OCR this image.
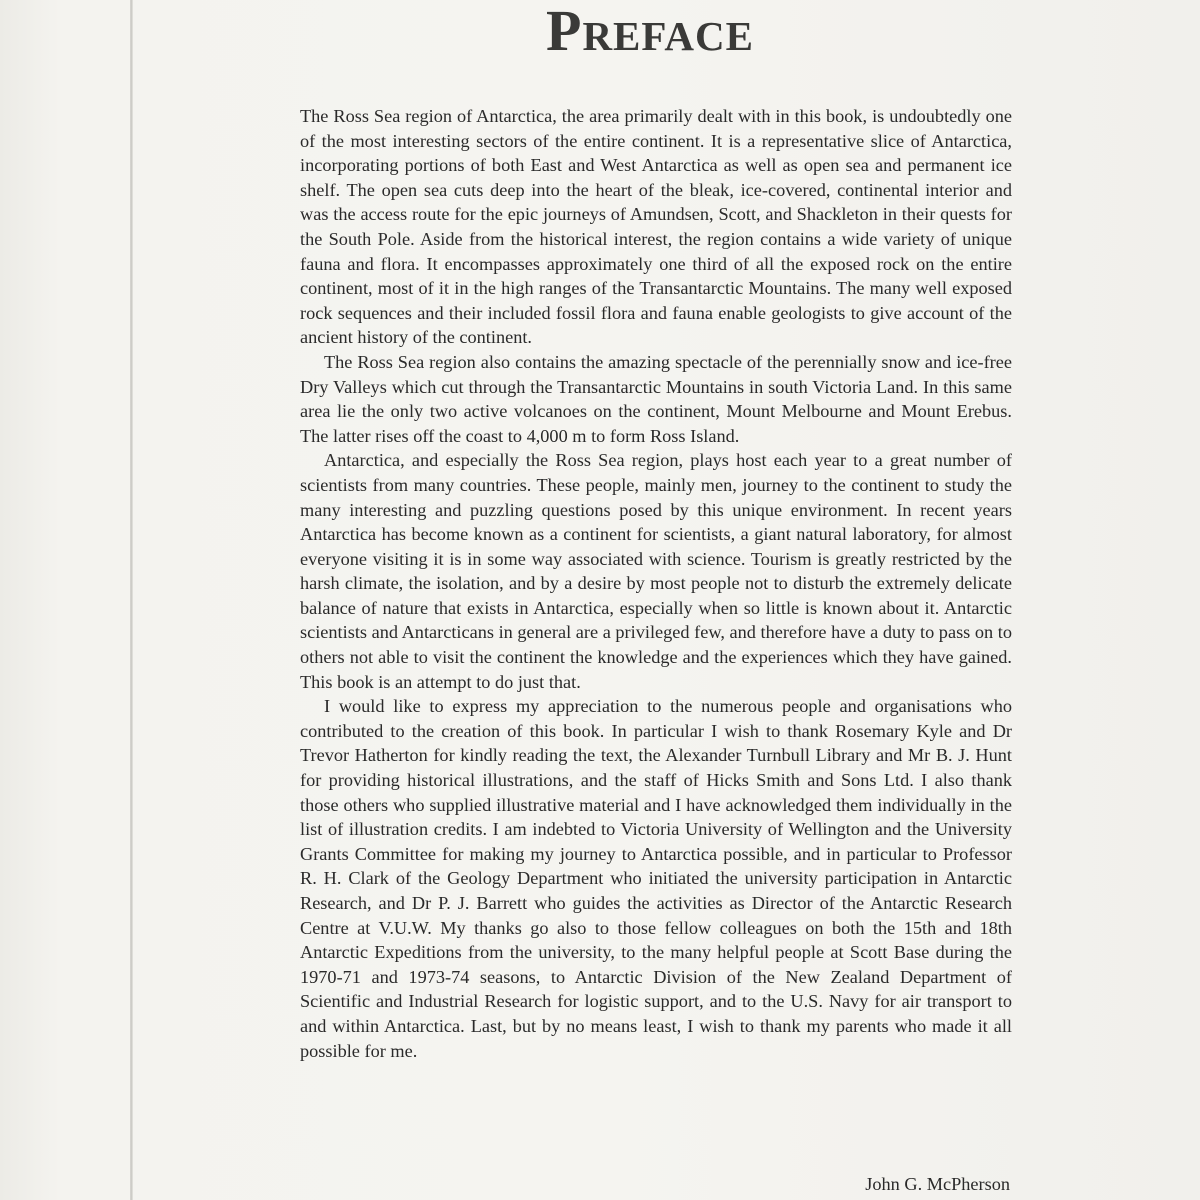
Preface

The Ross Sea region of Antarctica, the area primarily dealt with in this book, is undoubtedly one of the most interesting sectors of the entire continent. It is a representative slice of Antarctica, incorporating portions of both East and West Antarctica as well as open sea and permanent ice shelf. The open sea cuts deep into the heart of the bleak, ice-covered, continental interior and was the access route for the epic journeys of Amundsen, Scott, and Shackleton in their quests for the South Pole. Aside from the historical interest, the region contains a wide variety of unique fauna and flora. It encompasses approximately one third of all the exposed rock on the entire continent, most of it in the high ranges of the Transantarctic Mountains. The many well exposed rock sequences and their included fossil flora and fauna enable geologists to give account of the ancient history of the continent.

The Ross Sea region also contains the amazing spectacle of the perennially snow and ice-free Dry Valleys which cut through the Transantarctic Mountains in south Victoria Land. In this same area lie the only two active volcanoes on the continent, Mount Melbourne and Mount Erebus. The latter rises off the coast to 4,000 m to form Ross Island.

Antarctica, and especially the Ross Sea region, plays host each year to a great number of scientists from many countries. These people, mainly men, journey to the continent to study the many interesting and puzzling questions posed by this unique environment. In recent years Antarctica has become known as a continent for scientists, a giant natural laboratory, for almost everyone visiting it is in some way associated with science. Tourism is greatly restricted by the harsh climate, the isolation, and by a desire by most people not to disturb the extremely delicate balance of nature that exists in Antarctica, especially when so little is known about it. Antarctic scientists and Antarcticans in general are a privileged few, and therefore have a duty to pass on to others not able to visit the continent the knowledge and the experiences which they have gained. This book is an attempt to do just that.

I would like to express my appreciation to the numerous people and organisations who contributed to the creation of this book. In particular I wish to thank Rosemary Kyle and Dr Trevor Hatherton for kindly reading the text, the Alexander Turnbull Library and Mr B. J. Hunt for providing historical illustrations, and the staff of Hicks Smith and Sons Ltd. I also thank those others who supplied illustrative material and I have acknowledged them individually in the list of illustration credits. I am indebted to Victoria University of Wellington and the University Grants Committee for making my journey to Antarctica possible, and in particular to Professor R. H. Clark of the Geology Department who initiated the university participation in Antarctic Research, and Dr P. J. Barrett who guides the activities as Director of the Antarctic Research Centre at V.U.W. My thanks go also to those fellow colleagues on both the 15th and 18th Antarctic Expeditions from the university, to the many helpful people at Scott Base during the 1970-71 and 1973-74 seasons, to Antarctic Division of the New Zealand Department of Scientific and Industrial Research for logistic support, and to the U.S. Navy for air transport to and within Antarctica. Last, but by no means least, I wish to thank my parents who made it all possible for me.

John G. McPherson
